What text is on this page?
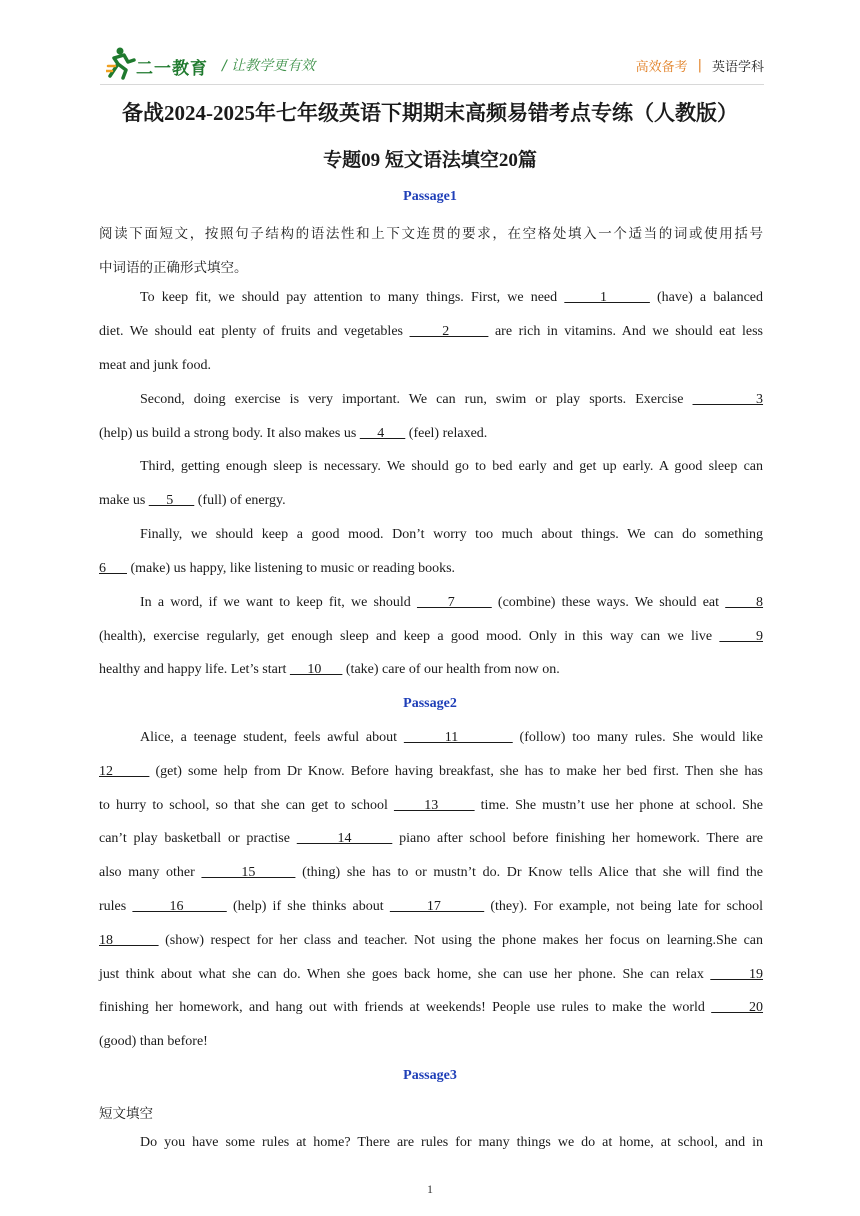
二一教育 / 让教学更有效	高效备考 | 英语学科
备战2024-2025年七年级英语下期期末高频易错考点专练（人教版）
专题09 短文语法填空20篇
Passage1
阅读下面短文，按照句子结构的语法性和上下文连贯的要求，在空格处填入一个适当的词或使用括号
中词语的正确形式填空。
To keep fit, we should pay attention to many things. First, we need      1       (have) a balanced
diet. We should eat plenty of fruits and vegetables      2       are rich in vitamins. And we should eat less
meat and junk food.
Second, doing exercise is very important. We can run, swim or play sports. Exercise        3
(help) us build a strong body. It also makes us      4       (feel) relaxed.
Third, getting enough sleep is necessary. We should go to bed early and get up early. A good sleep can
make us      5       (full) of energy.
Finally, we should keep a good mood. Don’t worry too much about things. We can do something
6       (make) us happy, like listening to music or reading books.
In a word, if we want to keep fit, we should      7       (combine) these ways. We should eat      8
(health), exercise regularly, get enough sleep and keep a good mood. Only in this way can we live      9
healthy and happy life. Let’s start      10       (take) care of our health from now on.
Passage2
Alice, a teenage student, feels awful about       11         (follow) too many rules. She would like
12       (get) some help from Dr Know. Before having breakfast, she has to make her bed first. Then she has
to hurry to school, so that she can get to school      13       time. She mustn’t use her phone at school. She
can’t play basketball or practise       14       piano after school before finishing her homework. There are
also many other       15       (thing) she has to or mustn’t do. Dr Know tells Alice that she will find the
rules       16        (help) if she thinks about       17        (they). For example, not being late for school
18        (show) respect for her class and teacher. Not using the phone makes her focus on learning.She can
just think about what she can do. When she goes back home, she can use her phone. She can relax       19
finishing her homework, and hang out with friends at weekends! People use rules to make the world       20
(good) than before!
Passage3
短文填空
Do you have some rules at home? There are rules for many things we do at home, at school, and in
1
